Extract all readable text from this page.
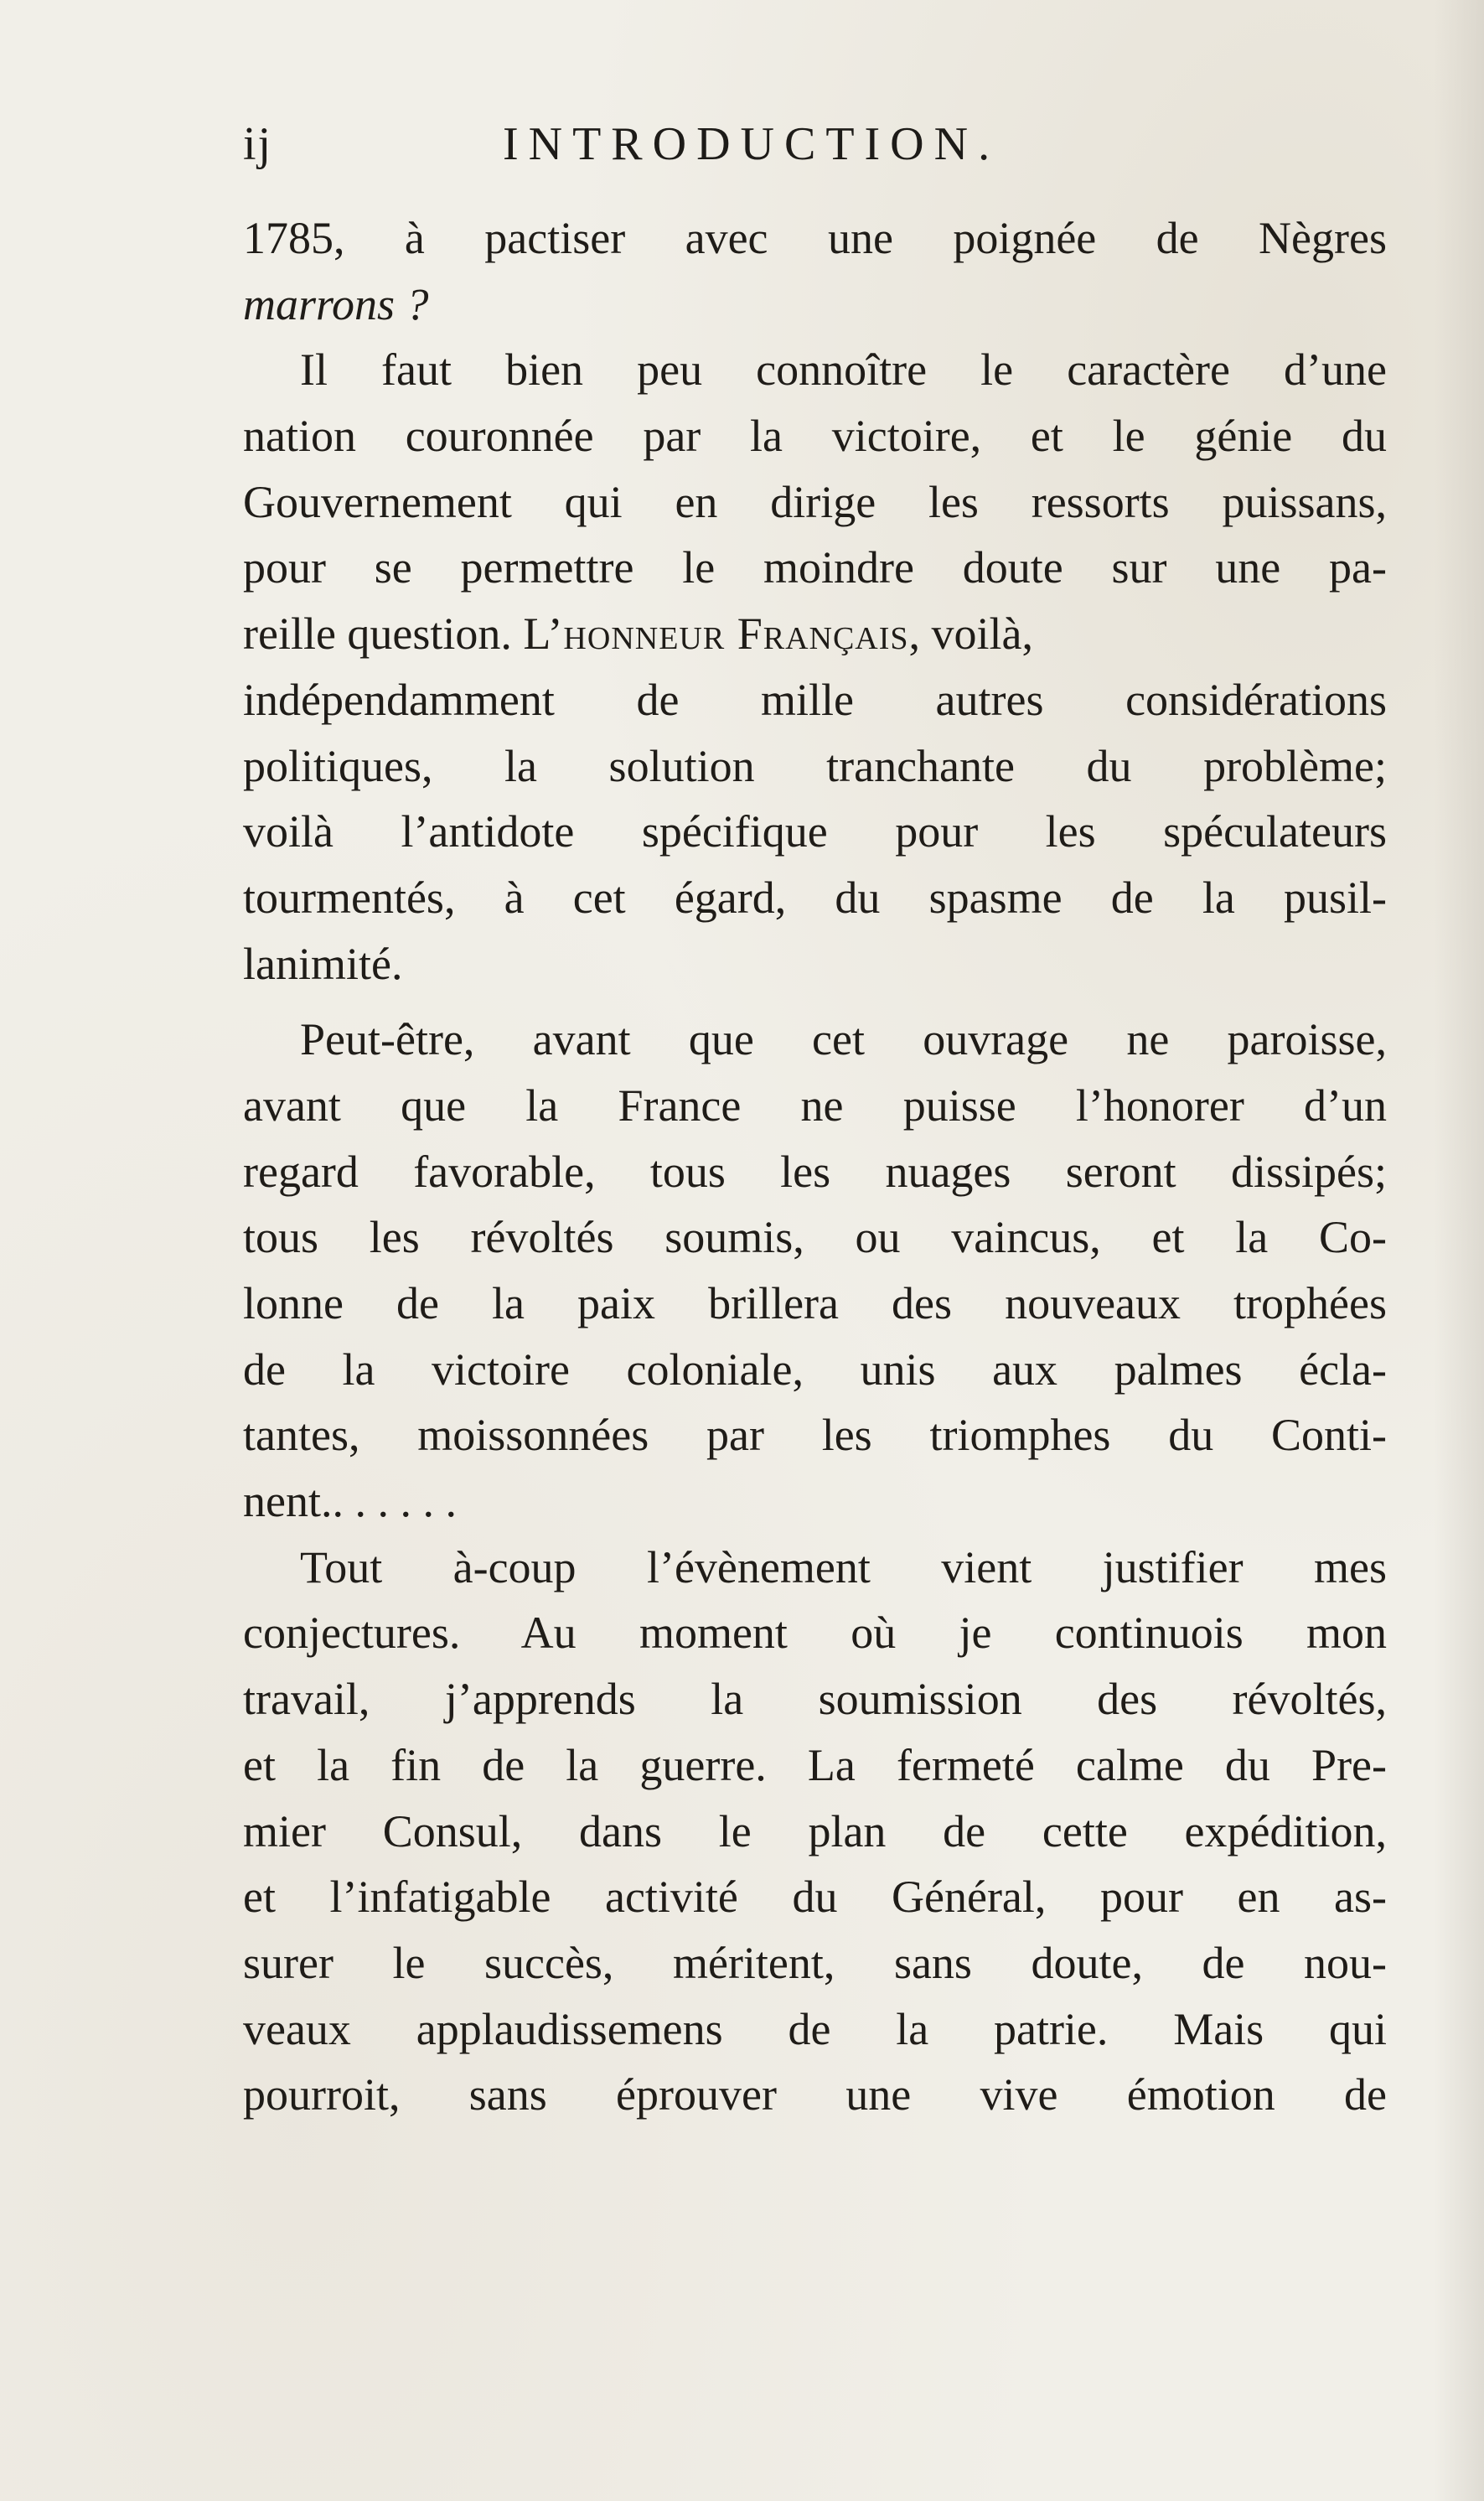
ij	INTRODUCTION.
1785, à pactiser avec une poignée de Nègres
marrons ?
Il faut bien peu connoître le caractère d’une
nation couronnée par la victoire, et le génie du
Gouvernement qui en dirige les ressorts puissans,
pour se permettre le moindre doute sur une pa-
reille question. L’honneur Français, voilà,
indépendamment de mille autres considérations
politiques, la solution tranchante du problème;
voilà l’antidote spécifique pour les spéculateurs
tourmentés, à cet égard, du spasme de la pusil-
lanimité.
Peut-être, avant que cet ouvrage ne paroisse,
avant que la France ne puisse l’honorer d’un
regard favorable, tous les nuages seront dissipés;
tous les révoltés soumis, ou vaincus, et la Co-
lonne de la paix brillera des nouveaux trophées
de la victoire coloniale, unis aux palmes écla-
tantes, moissonnées par les triomphes du Conti-
nent.. . . . . .
Tout à-coup l’évènement vient justifier mes
conjectures. Au moment où je continuois mon
travail, j’apprends la soumission des révoltés,
et la fin de la guerre. La fermeté calme du Pre-
mier Consul, dans le plan de cette expédition,
et l’infatigable activité du Général, pour en as-
surer le succès, méritent, sans doute, de nou-
veaux applaudissemens de la patrie. Mais qui
pourroit, sans éprouver une vive émotion de
